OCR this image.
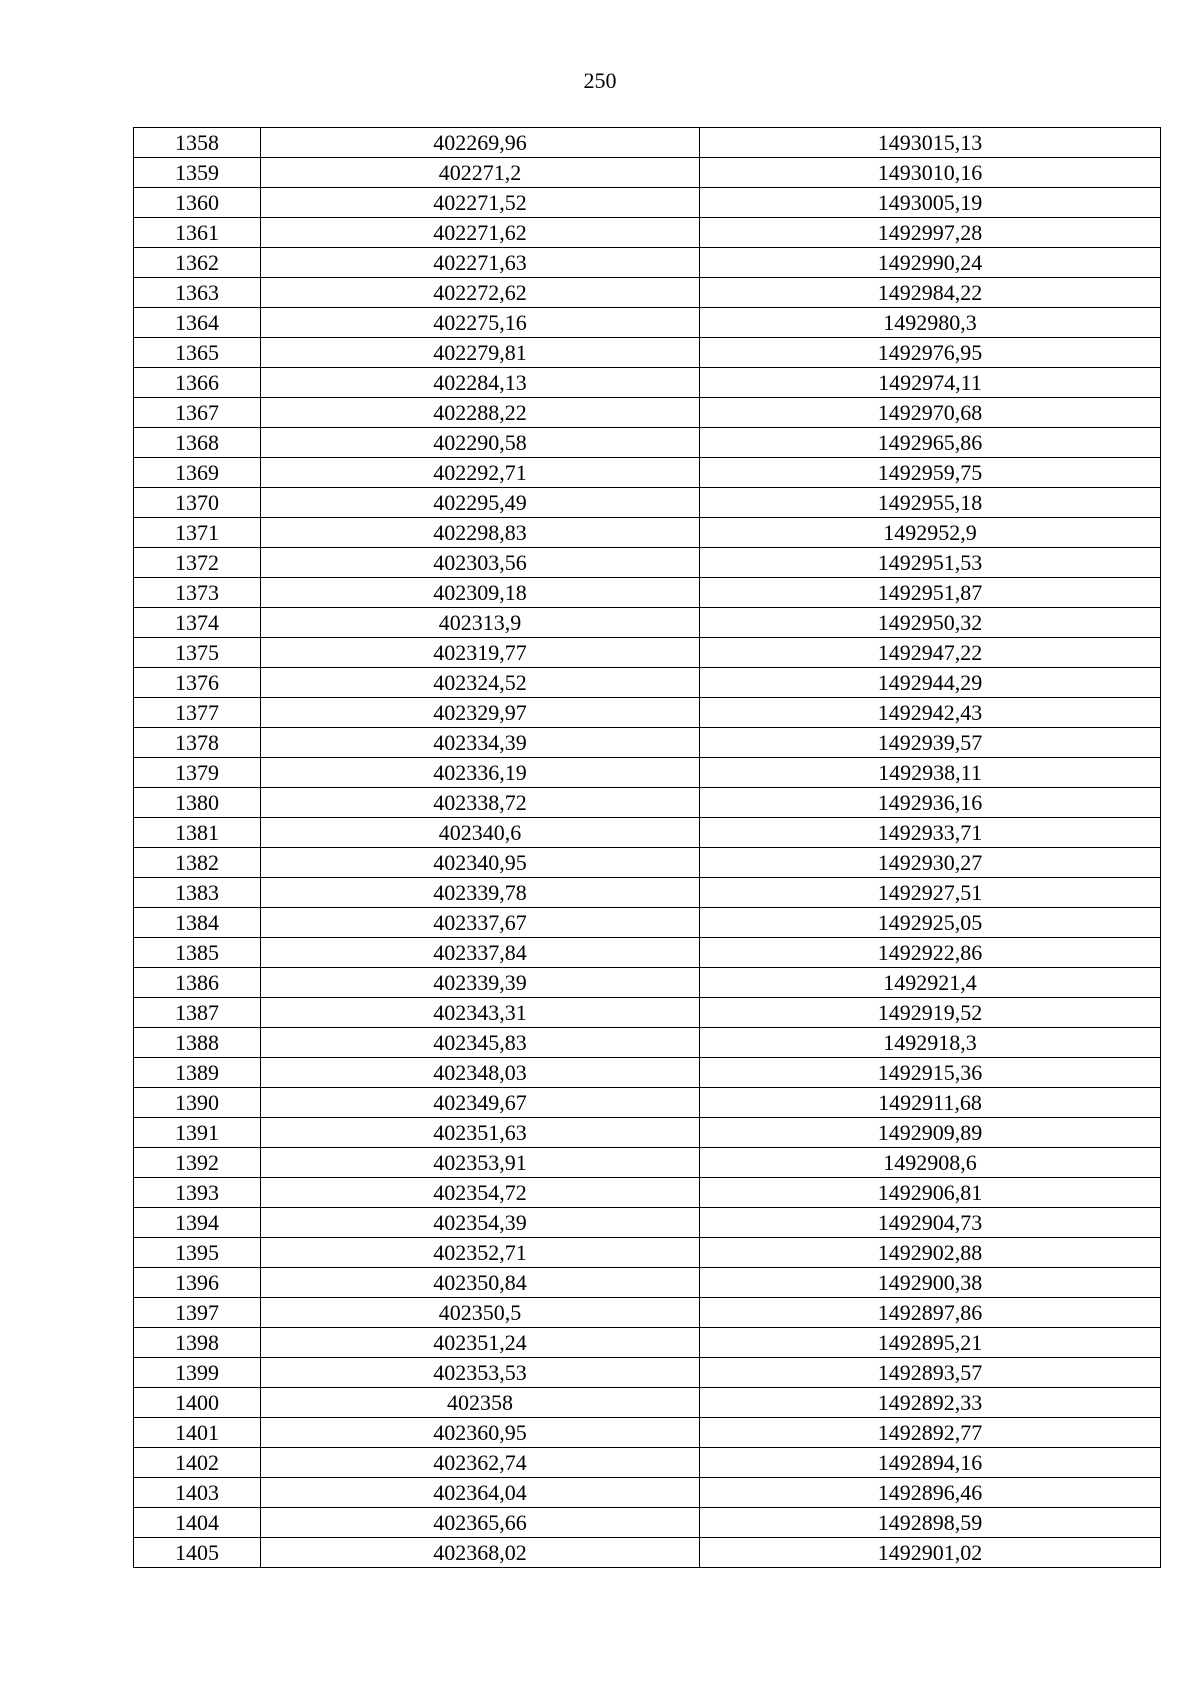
250
1358	402269,96	1493015,13
1359	402271,2	1493010,16
1360	402271,52	1493005,19
1361	402271,62	1492997,28
1362	402271,63	1492990,24
1363	402272,62	1492984,22
1364	402275,16	1492980,3
1365	402279,81	1492976,95
1366	402284,13	1492974,11
1367	402288,22	1492970,68
1368	402290,58	1492965,86
1369	402292,71	1492959,75
1370	402295,49	1492955,18
1371	402298,83	1492952,9
1372	402303,56	1492951,53
1373	402309,18	1492951,87
1374	402313,9	1492950,32
1375	402319,77	1492947,22
1376	402324,52	1492944,29
1377	402329,97	1492942,43
1378	402334,39	1492939,57
1379	402336,19	1492938,11
1380	402338,72	1492936,16
1381	402340,6	1492933,71
1382	402340,95	1492930,27
1383	402339,78	1492927,51
1384	402337,67	1492925,05
1385	402337,84	1492922,86
1386	402339,39	1492921,4
1387	402343,31	1492919,52
1388	402345,83	1492918,3
1389	402348,03	1492915,36
1390	402349,67	1492911,68
1391	402351,63	1492909,89
1392	402353,91	1492908,6
1393	402354,72	1492906,81
1394	402354,39	1492904,73
1395	402352,71	1492902,88
1396	402350,84	1492900,38
1397	402350,5	1492897,86
1398	402351,24	1492895,21
1399	402353,53	1492893,57
1400	402358	1492892,33
1401	402360,95	1492892,77
1402	402362,74	1492894,16
1403	402364,04	1492896,46
1404	402365,66	1492898,59
1405	402368,02	1492901,02
